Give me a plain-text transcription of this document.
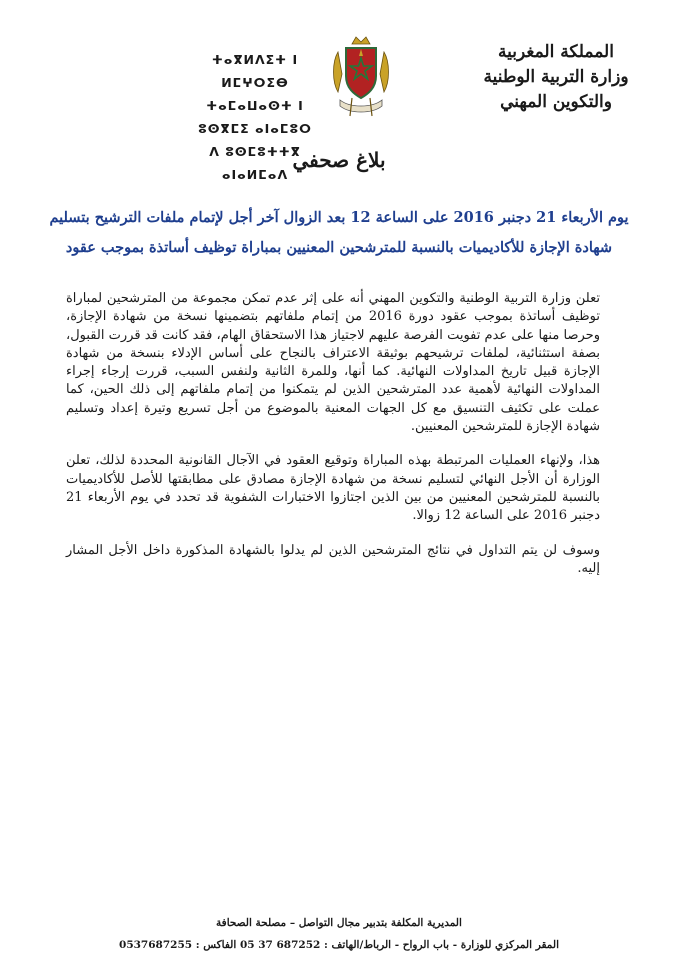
المملكة المغربية
وزارة التربية الوطنية
والتكوين المهني
ⵜⴰⴳⵍⴷⵉⵜ ⵏ ⵍⵎⵖⵔⵉⴱ
ⵜⴰⵎⴰⵡⴰⵙⵜ ⵏ ⵓⵙⴳⵎⵉ ⴰⵏⴰⵎⵓⵔ
ⴷ ⵓⵙⵎⵓⵜⵜⴳ ⴰⵏⴰⵍⵎⴰⴷ
بلاغ صحفي
يوم الأربعاء 21 دجنبر 2016 على الساعة 12 بعد الزوال آخر أجل لإتمام ملفات الترشيح بتسليم
شهادة الإجازة للأكاديميات بالنسبة للمترشحين المعنيين بمباراة توظيف أساتذة بموجب عقود

تعلن وزارة التربية الوطنية والتكوين المهني أنه على إثر عدم تمكن مجموعة من المترشحين لمباراة توظيف أساتذة بموجب عقود دورة 2016 من إتمام ملفاتهم بتضمينها نسخة من شهادة الإجازة، وحرصا منها على عدم تفويت الفرصة عليهم لاجتياز هذا الاستحقاق الهام، فقد كانت قد قررت القبول، بصفة استثنائية، لملفات ترشيحهم بوثيقة الاعتراف بالنجاح على أساس الإدلاء بنسخة من شهادة الإجازة قبيل تاريخ المداولات النهائية. كما أنها، وللمرة الثانية ولنفس السبب، قررت إرجاء إجراء المداولات النهائية لأهمية عدد المترشحين الذين لم يتمكنوا من إتمام ملفاتهم إلى ذلك الحين، كما عملت على تكثيف التنسيق مع كل الجهات المعنية بالموضوع من أجل تسريع وتيرة إعداد وتسليم شهادة الإجازة للمترشحين المعنيين.

هذا، ولإنهاء العمليات المرتبطة بهذه المباراة وتوقيع العقود في الآجال القانونية المحددة لذلك، تعلن الوزارة أن الأجل النهائي لتسليم نسخة من شهادة الإجازة مصادق على مطابقتها للأصل للأكاديميات بالنسبة للمترشحين المعنيين من بين الذين اجتازوا الاختبارات الشفوية قد تحدد في يوم الأربعاء 21 دجنبر 2016 على الساعة 12 زوالا.

وسوف لن يتم التداول في نتائج المترشحين الذين لم يدلوا بالشهادة المذكورة داخل الأجل المشار إليه.

المديرية المكلفة بتدبير مجال التواصل – مصلحة الصحافة
المقر المركزي للوزارة - باب الرواح - الرباط/الهاتف : 687252 37 05 الفاكس : 0537687255
